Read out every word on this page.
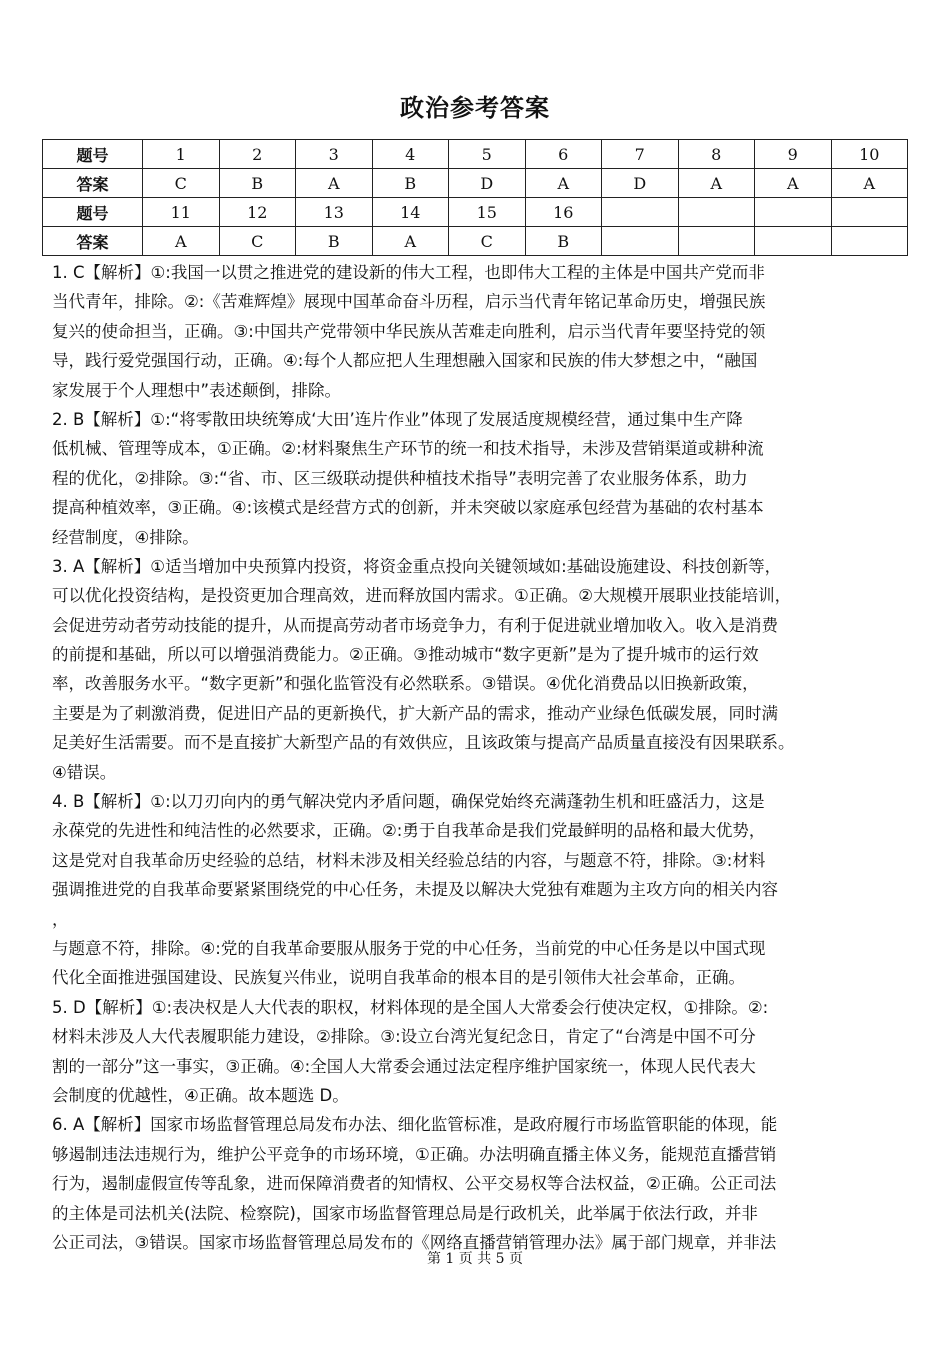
政治参考答案
题号	1	2	3	4	5	6	7	8	9	10
答案	C	B	A	B	D	A	D	A	A	A
题号	11	12	13	14	15	16				
答案	A	C	B	A	C	B				
1. C【解析】①:我国一以贯之推进党的建设新的伟大工程，也即伟大工程的主体是中国共产党而非
当代青年，排除。②:《苦难辉煌》展现中国革命奋斗历程，启示当代青年铭记革命历史，增强民族
复兴的使命担当，正确。③:中国共产党带领中华民族从苦难走向胜利，启示当代青年要坚持党的领
导，践行爱党强国行动，正确。④:每个人都应把人生理想融入国家和民族的伟大梦想之中，“融国
家发展于个人理想中”表述颠倒，排除。
2. B【解析】①:“将零散田块统筹成‘大田’连片作业”体现了发展适度规模经营，通过集中生产降
低机械、管理等成本，①正确。②:材料聚焦生产环节的统一和技术指导，未涉及营销渠道或耕种流
程的优化，②排除。③:“省、市、区三级联动提供种植技术指导”表明完善了农业服务体系，助力
提高种植效率，③正确。④:该模式是经营方式的创新，并未突破以家庭承包经营为基础的农村基本
经营制度，④排除。
3. A【解析】①适当增加中央预算内投资，将资金重点投向关键领域如:基础设施建设、科技创新等，
可以优化投资结构，是投资更加合理高效，进而释放国内需求。①正确。②大规模开展职业技能培训，
会促进劳动者劳动技能的提升，从而提高劳动者市场竞争力，有利于促进就业增加收入。收入是消费
的前提和基础，所以可以增强消费能力。②正确。③推动城市“数字更新”是为了提升城市的运行效
率，改善服务水平。“数字更新”和强化监管没有必然联系。③错误。④优化消费品以旧换新政策，
主要是为了刺激消费，促进旧产品的更新换代，扩大新产品的需求，推动产业绿色低碳发展，同时满
足美好生活需要。而不是直接扩大新型产品的有效供应，且该政策与提高产品质量直接没有因果联系。
④错误。
4. B【解析】①:以刀刃向内的勇气解决党内矛盾问题，确保党始终充满蓬勃生机和旺盛活力，这是
永葆党的先进性和纯洁性的必然要求，正确。②:勇于自我革命是我们党最鲜明的品格和最大优势，
这是党对自我革命历史经验的总结，材料未涉及相关经验总结的内容，与题意不符，排除。③:材料
强调推进党的自我革命要紧紧围绕党的中心任务，未提及以解决大党独有难题为主攻方向的相关内容
，
与题意不符，排除。④:党的自我革命要服从服务于党的中心任务，当前党的中心任务是以中国式现
代化全面推进强国建设、民族复兴伟业，说明自我革命的根本目的是引领伟大社会革命，正确。
5. D【解析】①:表决权是人大代表的职权，材料体现的是全国人大常委会行使决定权，①排除。②:
材料未涉及人大代表履职能力建设，②排除。③:设立台湾光复纪念日，肯定了“台湾是中国不可分
割的一部分”这一事实，③正确。④:全国人大常委会通过法定程序维护国家统一，体现人民代表大
会制度的优越性，④正确。故本题选 D。
6. A【解析】国家市场监督管理总局发布办法、细化监管标准，是政府履行市场监管职能的体现，能
够遏制违法违规行为，维护公平竞争的市场环境，①正确。办法明确直播主体义务，能规范直播营销
行为，遏制虚假宣传等乱象，进而保障消费者的知情权、公平交易权等合法权益，②正确。公正司法
的主体是司法机关(法院、检察院)，国家市场监督管理总局是行政机关，此举属于依法行政，并非
公正司法，③错误。国家市场监督管理总局发布的《网络直播营销管理办法》属于部门规章，并非法
第 1 页 共 5 页
